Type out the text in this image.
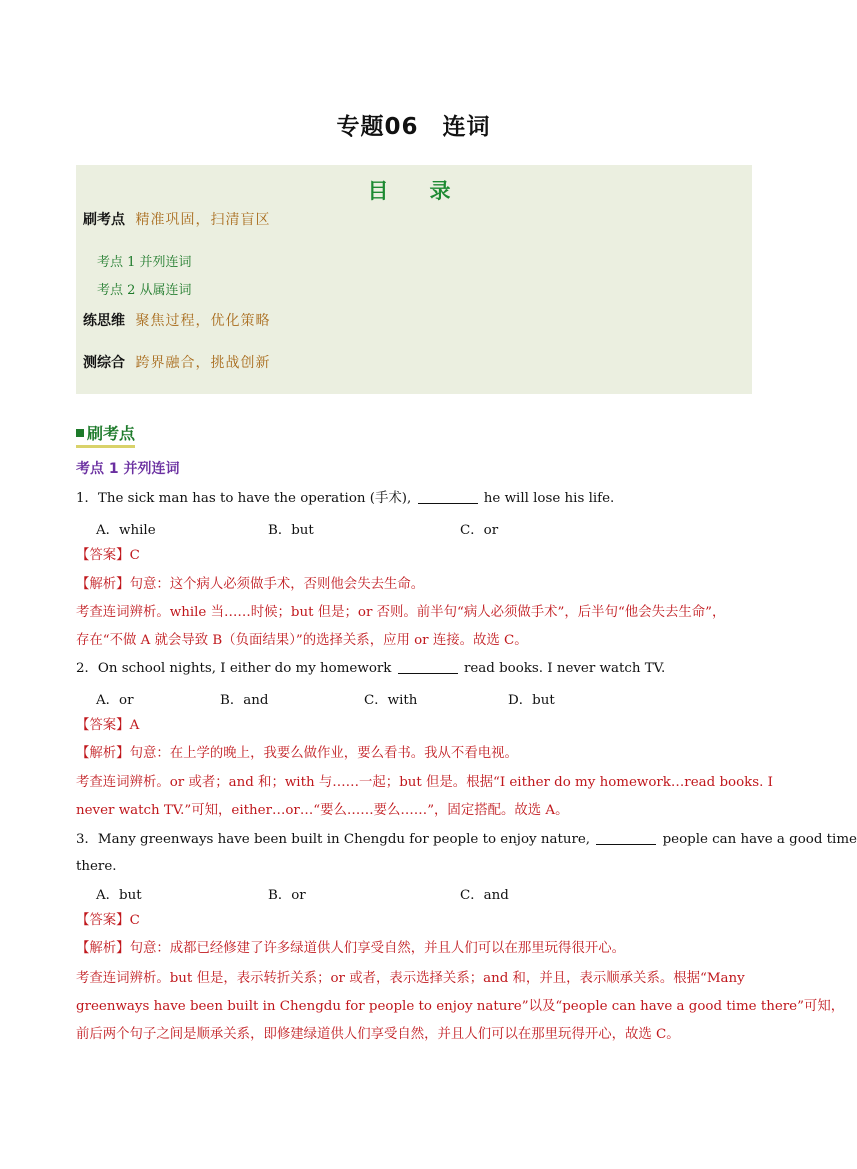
专题06　连词
目　录
刷考点 精准巩固，扫清盲区
考点 1 并列连词
考点 2 从属连词
练思维 聚焦过程，优化策略
测综合 跨界融合，挑战创新
刷考点
考点 1 并列连词
1．The sick man has to have the operation (手术),	he will lose his life.
A．while	B．but	C．or
【答案】C
【解析】句意：这个病人必须做手术，否则他会失去生命。
考查连词辨析。while 当……时候；but 但是；or 否则。前半句“病人必须做手术”，后半句“他会失去生命”，
存在“不做 A 就会导致 B（负面结果）”的选择关系，应用 or 连接。故选 C。
2．On school nights, I either do my homework	read books. I never watch TV.
A．or	B．and	C．with	D．but
【答案】A
【解析】句意：在上学的晚上，我要么做作业，要么看书。我从不看电视。
考查连词辨析。or 或者；and 和；with 与……一起；but 但是。根据“I either do my homework…read books. I
never watch TV.”可知，either…or…“要么……要么……”，固定搭配。故选 A。
3．Many greenways have been built in Chengdu for people to enjoy nature,	people can have a good time
there.
A．but	B．or	C．and
【答案】C
【解析】句意：成都已经修建了许多绿道供人们享受自然，并且人们可以在那里玩得很开心。
考查连词辨析。but 但是，表示转折关系；or 或者，表示选择关系；and 和，并且，表示顺承关系。根据“Many
greenways have been built in Chengdu for people to enjoy nature”以及“people can have a good time there”可知，
前后两个句子之间是顺承关系，即修建绿道供人们享受自然，并且人们可以在那里玩得开心，故选 C。
